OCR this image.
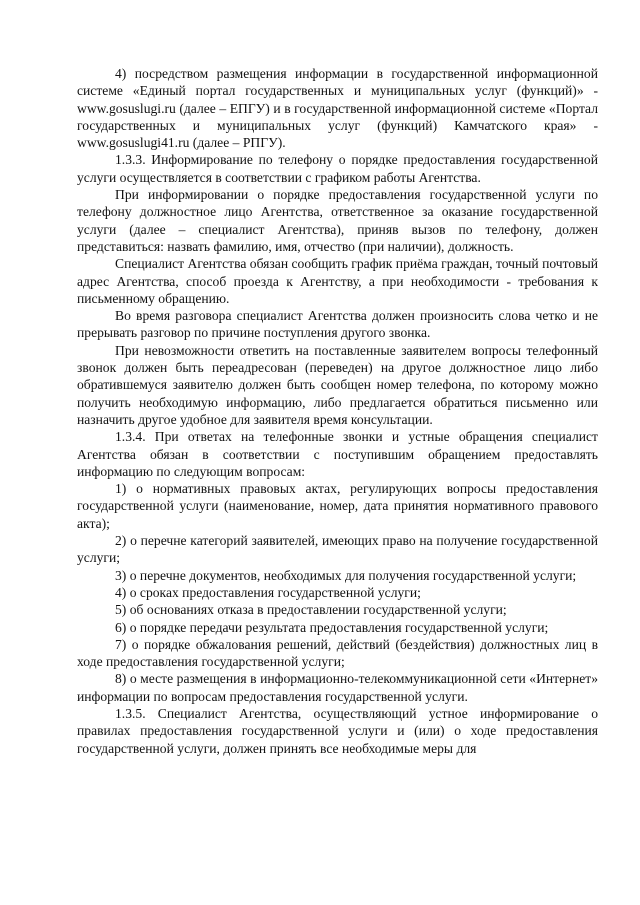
4) посредством размещения информации в государственной информационной системе «Единый портал государственных и муниципальных услуг (функций)» - www.gosuslugi.ru (далее – ЕПГУ) и в государственной информационной системе «Портал государственных и муниципальных услуг (функций) Камчатского края» - www.gosuslugi41.ru (далее – РПГУ).

1.3.3. Информирование по телефону о порядке предоставления государственной услуги осуществляется в соответствии с графиком работы Агентства.

При информировании о порядке предоставления государственной услуги по телефону должностное лицо Агентства, ответственное за оказание государственной услуги (далее – специалист Агентства), приняв вызов по телефону, должен представиться: назвать фамилию, имя, отчество (при наличии), должность.

Специалист Агентства обязан сообщить график приёма граждан, точный почтовый адрес Агентства, способ проезда к Агентству, а при необходимости - требования к письменному обращению.

Во время разговора специалист Агентства должен произносить слова четко и не прерывать разговор по причине поступления другого звонка.

При невозможности ответить на поставленные заявителем вопросы телефонный звонок должен быть переадресован (переведен) на другое должностное лицо либо обратившемуся заявителю должен быть сообщен номер телефона, по которому можно получить необходимую информацию, либо предлагается обратиться письменно или назначить другое удобное для заявителя время консультации.

1.3.4. При ответах на телефонные звонки и устные обращения специалист Агентства обязан в соответствии с поступившим обращением предоставлять информацию по следующим вопросам:

1) о нормативных правовых актах, регулирующих вопросы предоставления государственной услуги (наименование, номер, дата принятия нормативного правового акта);

2) о перечне категорий заявителей, имеющих право на получение государственной услуги;

3) о перечне документов, необходимых для получения государственной услуги;

4) о сроках предоставления государственной услуги;

5) об основаниях отказа в предоставлении государственной услуги;

6) о порядке передачи результата предоставления государственной услуги;

7) о порядке обжалования решений, действий (бездействия) должностных лиц в ходе предоставления государственной услуги;

8) о месте размещения в информационно-телекоммуникационной сети «Интернет» информации по вопросам предоставления государственной услуги.

1.3.5. Специалист Агентства, осуществляющий устное информирование о правилах предоставления государственной услуги и (или) о ходе предоставления государственной услуги, должен принять все необходимые меры для
